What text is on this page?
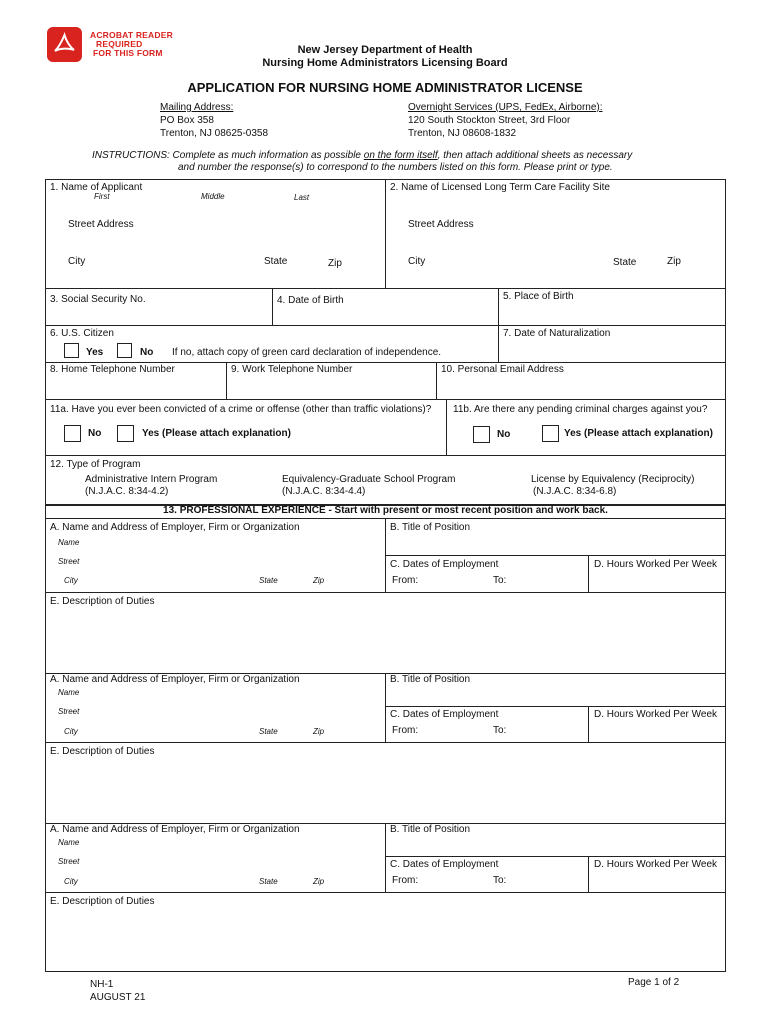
ACROBAT READER
REQUIRED
FOR THIS FORM	New Jersey Department of Health
Nursing Home Administrators Licensing Board
APPLICATION FOR NURSING HOME ADMINISTRATOR LICENSE
Mailing Address:
PO Box 358
Trenton, NJ 08625-0358
Overnight Services (UPS, FedEx, Airborne):
120 South Stockton Street, 3rd Floor
Trenton, NJ 08608-1832
INSTRUCTIONS: Complete as much information as possible on the form itself, then attach additional sheets as necessary
and number the response(s) to correspond to the numbers listed on this form. Please print or type.
1. Name of Applicant
First	Middle	Last
2. Name of Licensed Long Term Care Facility Site
Street Address	Street Address
City	State	Zip	City	State	Zip
3. Social Security No.	4. Date of Birth	5. Place of Birth
6. U.S. Citizen
Yes	No If no, attach copy of green card declaration of independence.
7. Date of Naturalization
8. Home Telephone Number	9. Work Telephone Number	10. Personal Email Address
11a. Have you ever been convicted of a crime or offense (other than traffic violations)?
No	Yes (Please attach explanation)
11b. Are there any pending criminal charges against you?
No	Yes (Please attach explanation)
12. Type of Program
Administrative Intern Program
(N.J.A.C. 8:34-4.2)
Equivalency-Graduate School Program
(N.J.A.C. 8:34-4.4)
License by Equivalency (Reciprocity)
(N.J.A.C. 8:34-6.8)
13. PROFESSIONAL EXPERIENCE - Start with present or most recent position and work back.
A. Name and Address of Employer, Firm or Organization
Name
Street
City	State	Zip
B. Title of Position
C. Dates of Employment
From:	To:
D. Hours Worked Per Week
E. Description of Duties
A. Name and Address of Employer, Firm or Organization
Name
Street
City	State	Zip
B. Title of Position
C. Dates of Employment
From:	To:
D. Hours Worked Per Week
E. Description of Duties
A. Name and Address of Employer, Firm or Organization
Name
Street
City	State	Zip
B. Title of Position
C. Dates of Employment
From:	To:
D. Hours Worked Per Week
E. Description of Duties
NH-1
AUGUST 21
Page 1 of 2
